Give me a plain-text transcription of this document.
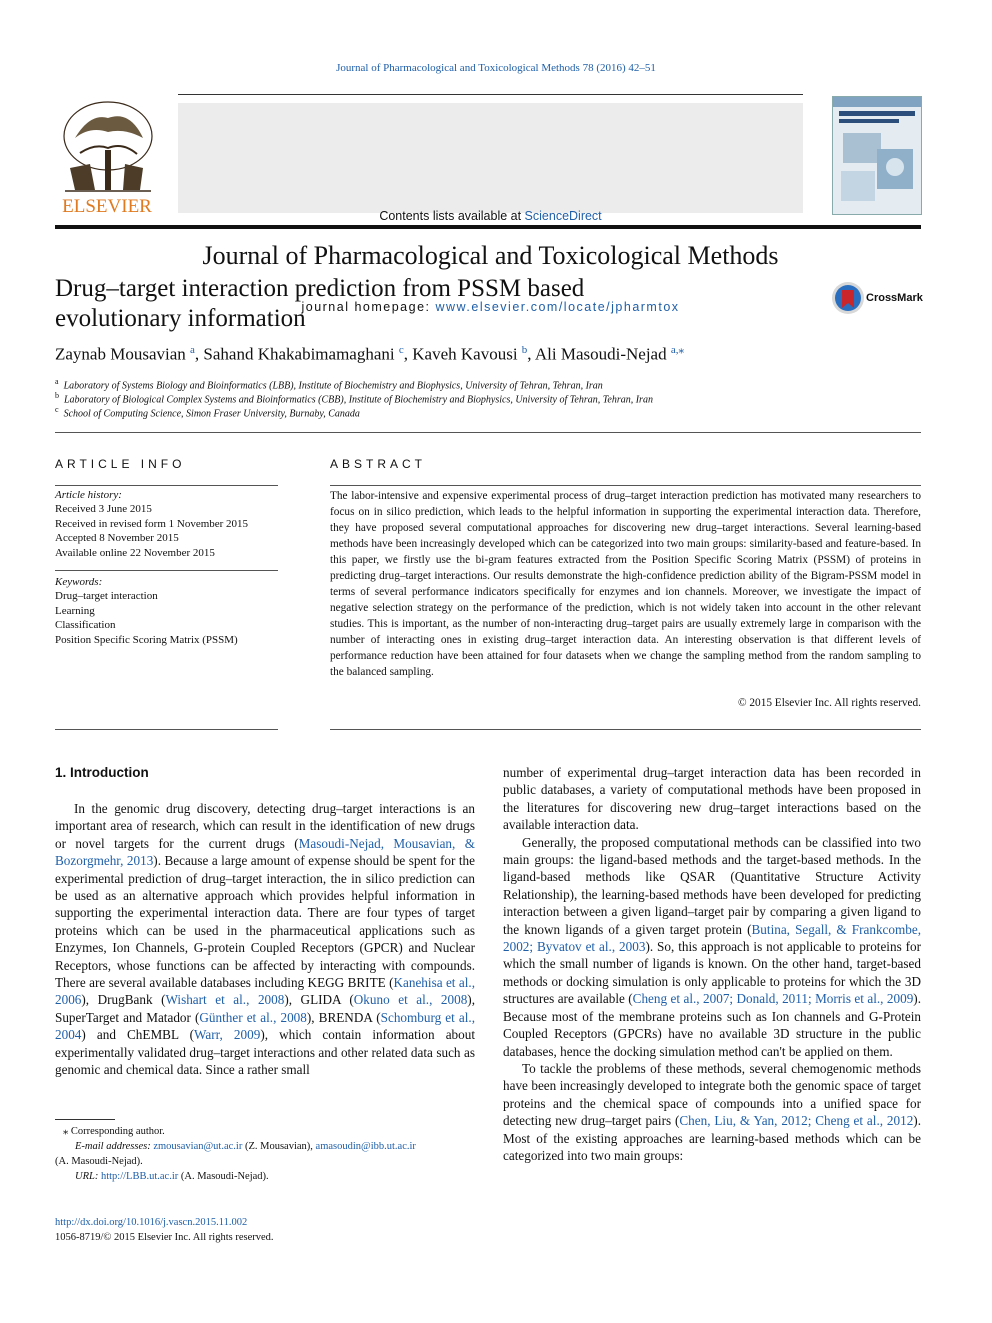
Journal of Pharmacological and Toxicological Methods 78 (2016) 42–51
ELSEVIER	Contents lists available at ScienceDirect
Journal of Pharmacological and Toxicological Methods
journal homepage: www.elsevier.com/locate/jpharmtox
Drug–target interaction prediction from PSSM based
evolutionary information
CrossMark
Zaynab Mousavian $^a$, Sahand Khakabimamaghani $^c$, Kaveh Kavousi $^b$, Ali Masoudi-Nejad $^{a,⁎}$
$^a$ Laboratory of Systems Biology and Bioinformatics (LBB), Institute of Biochemistry and Biophysics, University of Tehran, Tehran, Iran
$^b$ Laboratory of Biological Complex Systems and Bioinformatics (CBB), Institute of Biochemistry and Biophysics, University of Tehran, Tehran, Iran
$^c$ School of Computing Science, Simon Fraser University, Burnaby, Canada
ARTICLE INFO	ABSTRACT
Article history:
Received 3 June 2015
Received in revised form 1 November 2015
Accepted 8 November 2015
Available online 22 November 2015
Keywords:
Drug–target interaction
Learning
Classification
Position Specific Scoring Matrix (PSSM)
The labor-intensive and expensive experimental process of drug–target interaction prediction has motivated many researchers to focus on in silico prediction, which leads to the helpful information in supporting the experimental interaction data. Therefore, they have proposed several computational approaches for discovering new drug–target interactions. Several learning-based methods have been increasingly developed which can be categorized into two main groups: similarity-based and feature-based. In this paper, we firstly use the bi-gram features extracted from the Position Specific Scoring Matrix (PSSM) of proteins in predicting drug–target interactions. Our results demonstrate the high-confidence prediction ability of the Bigram-PSSM model in terms of several performance indicators specifically for enzymes and ion channels. Moreover, we investigate the impact of negative selection strategy on the performance of the prediction, which is not widely taken into account in the other relevant studies. This is important, as the number of non-interacting drug–target pairs are usually extremely large in comparison with the number of interacting ones in existing drug–target interaction data. An interesting observation is that different levels of performance reduction have been attained for four datasets when we change the sampling method from the random sampling to the balanced sampling.
© 2015 Elsevier Inc. All rights reserved.
1. Introduction

In the genomic drug discovery, detecting drug–target interactions is an important area of research, which can result in the identification of new drugs or novel targets for the current drugs (Masoudi-Nejad, Mousavian, & Bozorgmehr, 2013). Because a large amount of expense should be spent for the experimental prediction of drug–target interaction, the in silico prediction can be used as an alternative approach which provides helpful information in supporting the experimental interaction data. There are four types of target proteins which can be used in the pharmaceutical applications such as Enzymes, Ion Channels, G-protein Coupled Receptors (GPCR) and Nuclear Receptors, whose functions can be affected by interacting with compounds. There are several available databases including KEGG BRITE (Kanehisa et al., 2006), DrugBank (Wishart et al., 2008), GLIDA (Okuno et al., 2008), SuperTarget and Matador (Günther et al., 2008), BRENDA (Schomburg et al., 2004) and ChEMBL (Warr, 2009), which contain information about experimentally validated drug–target interactions and other related data such as genomic and chemical data. Since a rather small

number of experimental drug–target interaction data has been recorded in public databases, a variety of computational methods have been proposed in the literatures for discovering new drug–target interactions based on the available interaction data.

Generally, the proposed computational methods can be classified into two main groups: the ligand-based methods and the target-based methods. In the ligand-based methods like QSAR (Quantitative Structure Activity Relationship), the learning-based methods have been developed for predicting interaction between a given ligand–target pair by comparing a given ligand to the known ligands of a given target protein (Butina, Segall, & Frankcombe, 2002; Byvatov et al., 2003). So, this approach is not applicable to proteins for which the small number of ligands is known. On the other hand, target-based methods or docking simulation is only applicable to proteins for which the 3D structures are available (Cheng et al., 2007; Donald, 2011; Morris et al., 2009). Because most of the membrane proteins such as Ion channels and G-Protein Coupled Receptors (GPCRs) have no available 3D structure in the public databases, hence the docking simulation method can't be applied on them.

To tackle the problems of these methods, several chemogenomic methods have been increasingly developed to integrate both the genomic space of target proteins and the chemical space of compounds into a unified space for detecting new drug–target pairs (Chen, Liu, & Yan, 2012; Cheng et al., 2012). Most of the existing approaches are learning-based methods which can be categorized into two main groups:

⁎ Corresponding author.
E-mail addresses: zmousavian@ut.ac.ir (Z. Mousavian), amasoudin@ibb.ut.ac.ir
(A. Masoudi-Nejad).
URL: http://LBB.ut.ac.ir (A. Masoudi-Nejad).
http://dx.doi.org/10.1016/j.vascn.2015.11.002
1056-8719/© 2015 Elsevier Inc. All rights reserved.
